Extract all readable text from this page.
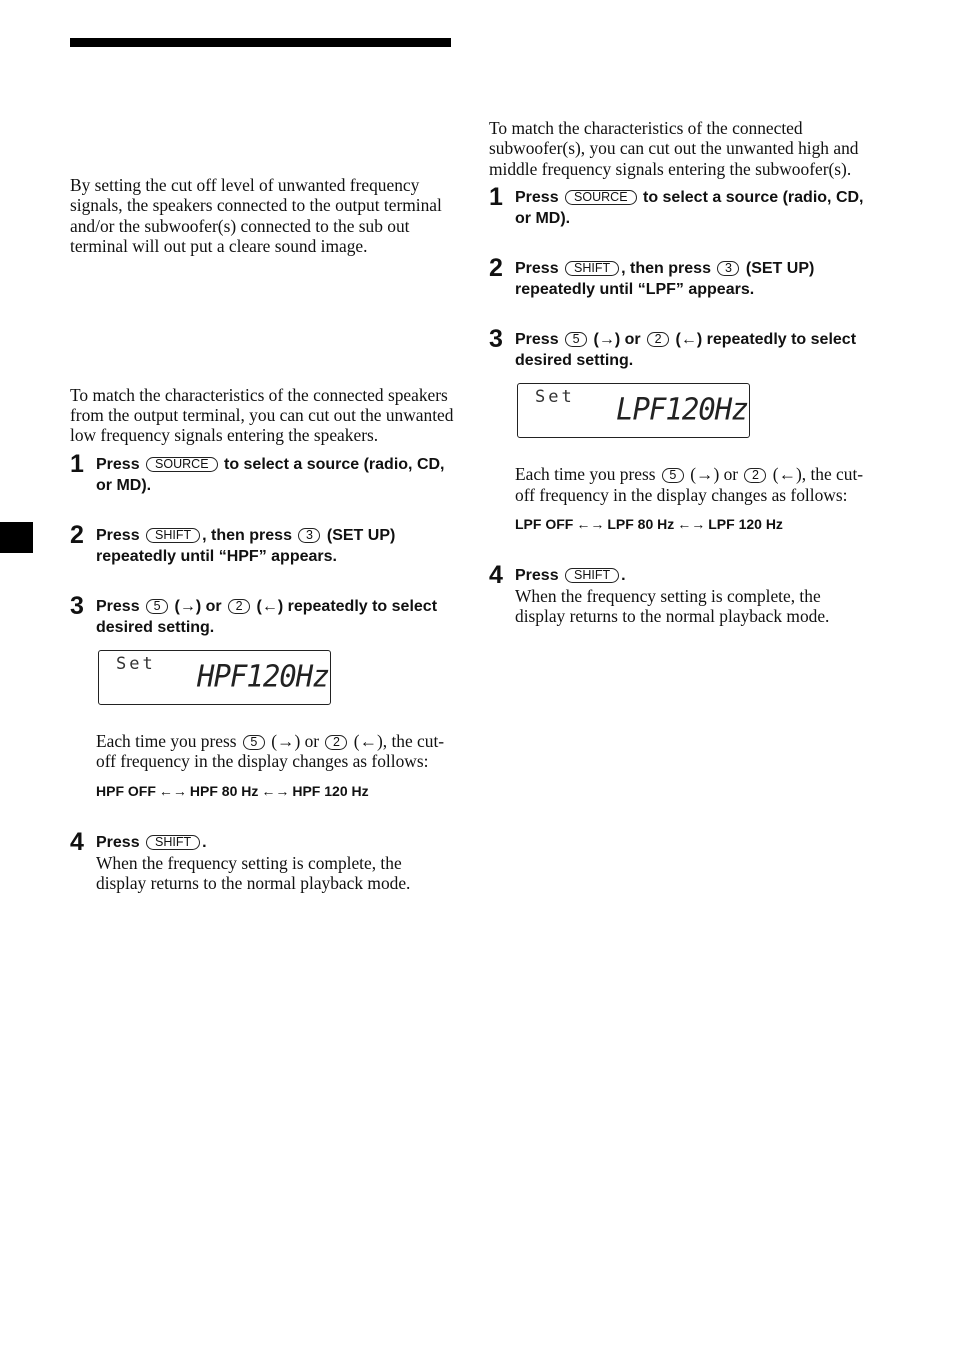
By setting the cut off level of unwanted frequency signals, the speakers connected to the output terminal and/or the subwoofer(s) connected to the sub out terminal will out put a cleare sound image.

To match the characteristics of the connected speakers from the output terminal, you can cut out the unwanted low frequency signals entering the speakers.

1 Press SOURCE to select a source (radio, CD, or MD).

2 Press SHIFT , then press 3 (SET UP) repeatedly until “HPF” appears.

3 Press 5 (→) or 2 (←) repeatedly to select desired setting.

Set HPF120Hz

Each time you press 5 (→) or 2 (←), the cut-off frequency in the display changes as follows:

HPF OFF ←→ HPF 80 Hz ←→ HPF 120 Hz

4 Press SHIFT .

When the frequency setting is complete, the display returns to the normal playback mode.

To match the characteristics of the connected subwoofer(s), you can cut out the unwanted high and middle frequency signals entering the subwoofer(s).

1 Press SOURCE to select a source (radio, CD, or MD).

2 Press SHIFT , then press 3 (SET UP) repeatedly until “LPF” appears.

3 Press 5 (→) or 2 (←) repeatedly to select desired setting.

Set LPF120Hz

Each time you press 5 (→) or 2 (←), the cut-off frequency in the display changes as follows:

LPF OFF ←→ LPF 80 Hz ←→ LPF 120 Hz

4 Press SHIFT .

When the frequency setting is complete, the display returns to the normal playback mode.
